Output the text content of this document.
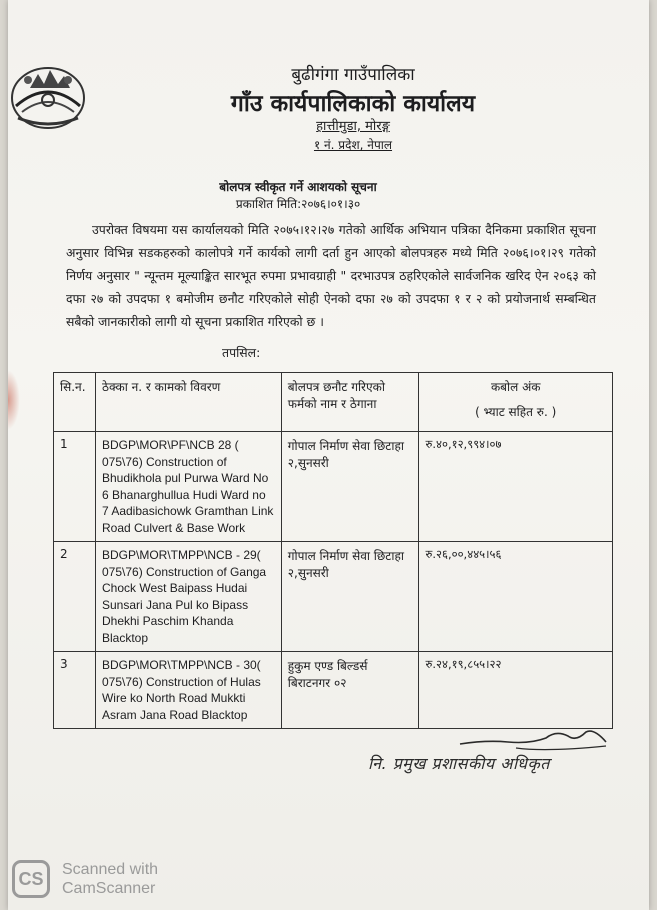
बुढीगंगा गाउँपालिका
गाँउ कार्यपालिकाको कार्यालय
हात्तीमुडा, मोरङ्ग
१ नं. प्रदेश, नेपाल
बोलपत्र स्वीकृत गर्ने आशयको सूचना
प्रकाशित मिति:२०७६।०१।३०

उपरोक्त विषयमा यस कार्यालयको मिति २०७५।१२।२७ गतेको आर्थिक अभियान पत्रिका दैनिकमा प्रकाशित सूचना अनुसार विभिन्न सडकहरुको कालोपत्रे गर्ने कार्यको लागी दर्ता हुन आएको बोलपत्रहरु मध्ये मिति २०७६।०१।२९ गतेको निर्णय अनुसार " न्यून्तम मूल्याङ्कित सारभूत रुपमा प्रभावग्राही " दरभाउपत्र ठहरिएकोले सार्वजनिक खरिद ऐन २०६३ को दफा २७ को उपदफा १ बमोजीम छनौट गरिएकोले सोही ऐनको दफा २७ को उपदफा १ र २ को प्रयोजनार्थ सम्बन्धित सबैको जानकारीको लागी यो सूचना प्रकाशित गरिएको छ ।

तपसिल:
सि.न.	ठेक्का न. र कामको विवरण	बोलपत्र छनौट गरिएको फर्मको नाम र ठेगाना	कबोल अंक
( भ्याट सहित रु. )

1	BDGP\MOR\PF\NCB 28 ( 075\76) Construction of Bhudikhola pul Purwa Ward No 6 Bhanarghullua Hudi Ward no 7 Aadibasichowk Gramthan Link Road Culvert & Base Work	गोपाल निर्माण सेवा छिटाहा २,सुनसरी	रु.४०,१२,९९४।०७
2	BDGP\MOR\TMPP\NCB - 29( 075\76) Construction of Ganga Chock West Baipass Hudai Sunsari Jana Pul ko Bipass Dhekhi Paschim Khanda Blacktop	गोपाल निर्माण सेवा छिटाहा २,सुनसरी	रु.२६,००,४४५।५६
3	BDGP\MOR\TMPP\NCB - 30( 075\76) Construction of Hulas Wire ko North Road Mukkti Asram Jana Road Blacktop	हुकुम एण्ड बिल्डर्स बिराटनगर ०२	रु.२४,१९,८५५।२२
नि. प्रमुख प्रशासकीय अधिकृत
CS	Scanned with
CamScanner
